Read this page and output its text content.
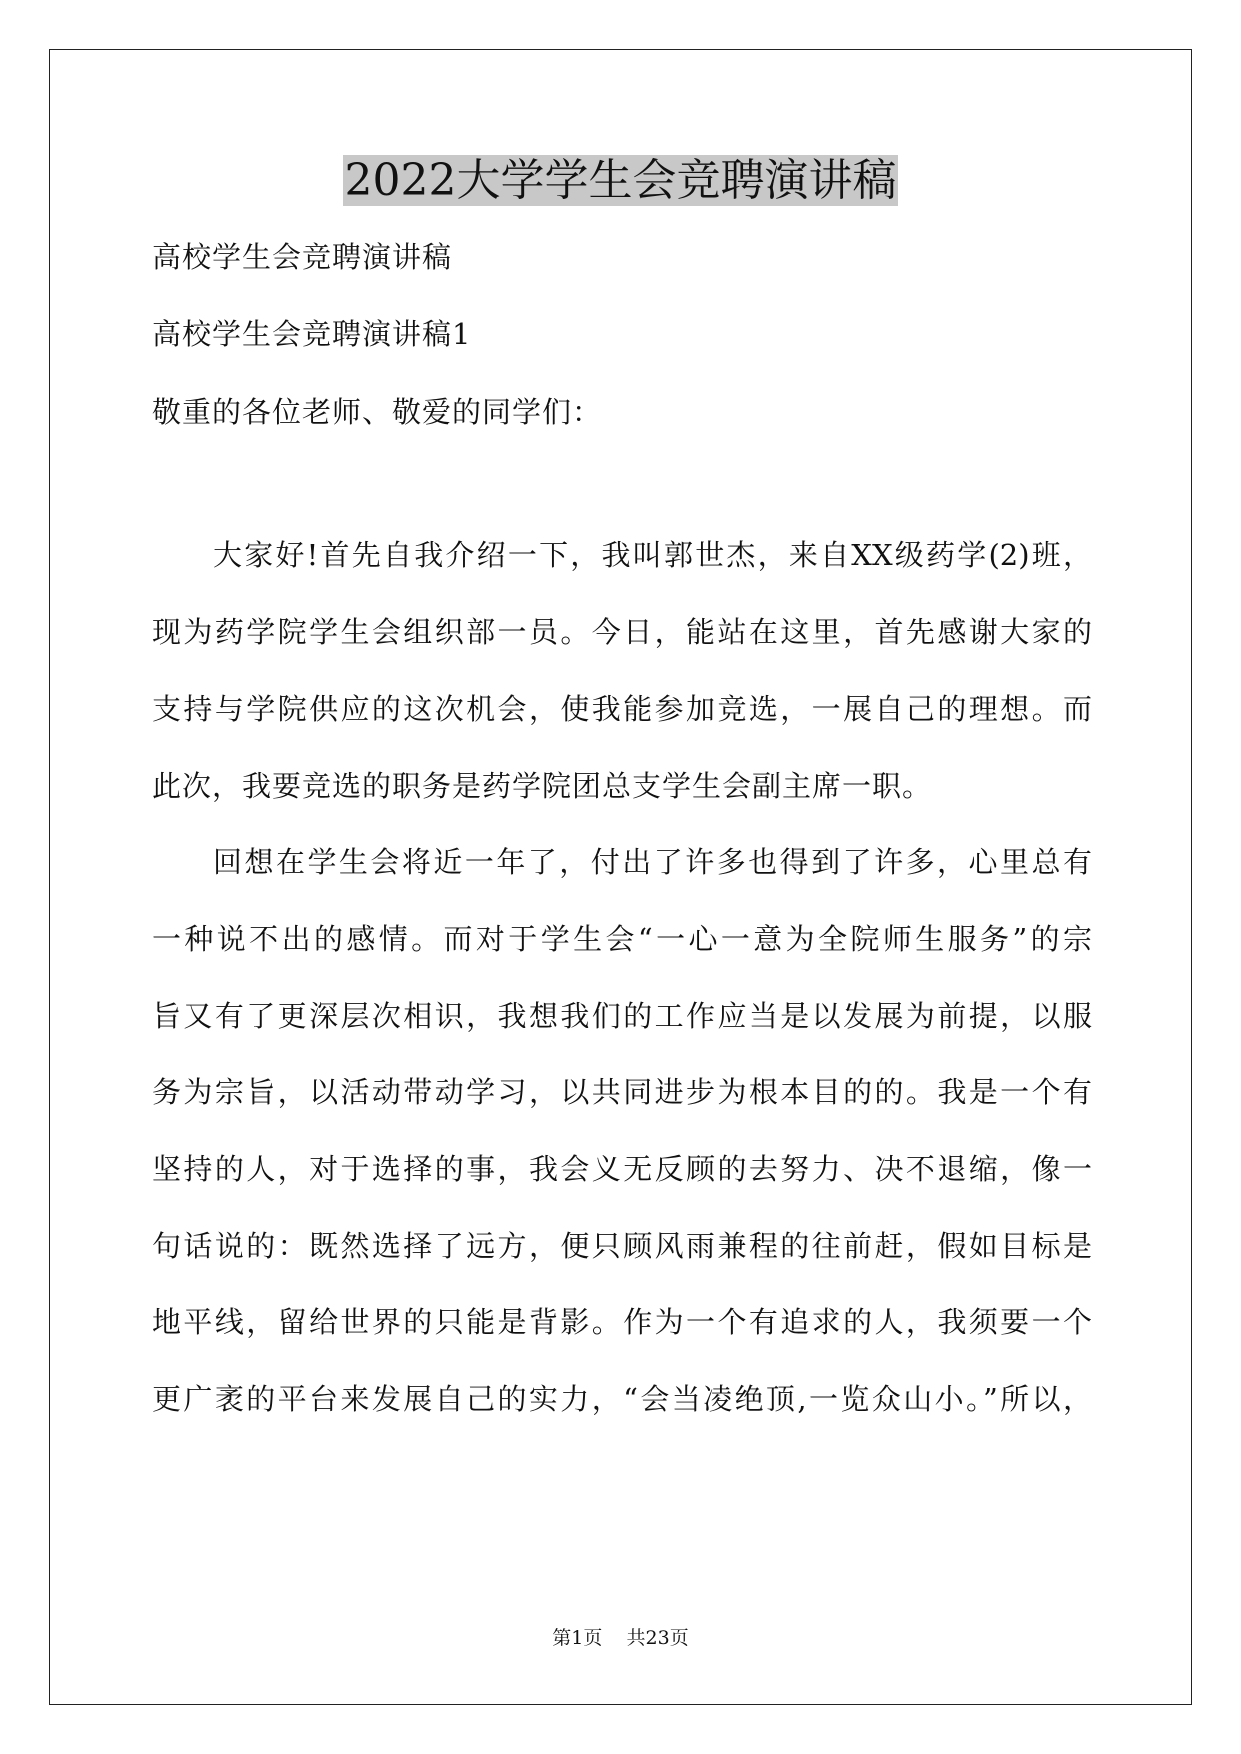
2022大学学生会竞聘演讲稿
高校学生会竞聘演讲稿
高校学生会竞聘演讲稿1
敬重的各位老师、敬爱的同学们：
大家好!首先自我介绍一下，我叫郭世杰，来自XX级药学(2)班，
现为药学院学生会组织部一员。今日，能站在这里，首先感谢大家的
支持与学院供应的这次机会，使我能参加竞选，一展自己的理想。而
此次，我要竞选的职务是药学院团总支学生会副主席一职。
回想在学生会将近一年了，付出了许多也得到了许多，心里总有
一种说不出的感情。而对于学生会“一心一意为全院师生服务”的宗
旨又有了更深层次相识，我想我们的工作应当是以发展为前提，以服
务为宗旨，以活动带动学习，以共同进步为根本目的的。我是一个有
坚持的人，对于选择的事，我会义无反顾的去努力、决不退缩，像一
句话说的：既然选择了远方，便只顾风雨兼程的往前赶，假如目标是
地平线，留给世界的只能是背影。作为一个有追求的人，我须要一个
更广袤的平台来发展自己的实力，“会当凌绝顶,一览众山小。”所以，
第1页 共23页
